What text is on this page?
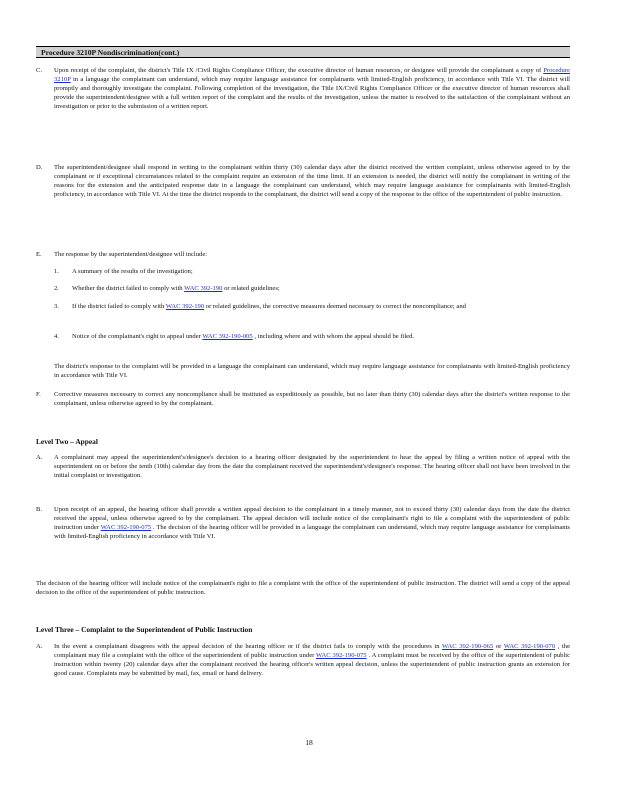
Procedure 3210P Nondiscrimination(cont.)
C. Upon receipt of the complaint, the district's Title IX /Civil Rights Compliance Officer, the executive director of human resources, or designee will provide the complainant a copy of Procedure 3210P in a language the complainant can understand, which may require language assistance for complainants with limited-English proficiency, in accordance with Title VI. The district will promptly and thoroughly investigate the complaint. Following completion of the investigation, the Title IX/Civil Rights Compliance Officer or the executive director of human resources shall provide the superintendent/designee with a full written report of the complaint and the results of the investigation, unless the matter is resolved to the satisfaction of the complainant without an investigation or prior to the submission of a written report.
D. The superintendent/designee shall respond in writing to the complainant within thirty (30) calendar days after the district received the written complaint, unless otherwise agreed to by the complainant or if exceptional circumstances related to the complaint require an extension of the time limit. If an extension is needed, the district will notify the complainant in writing of the reasons for the extension and the anticipated response date in a language the complainant can understand, which may require language assistance for complainants with limited-English proficiency, in accordance with Title VI. At the time the district responds to the complainant, the district will send a copy of the response to the office of the superintendent of public instruction.
E. The response by the superintendent/designee will include:
1. A summary of the results of the investigation;
2. Whether the district failed to comply with WAC 392-190 or related guidelines;
3. If the district failed to comply with WAC 392-190 or related guidelines, the corrective measures deemed necessary to correct the noncompliance; and
4. Notice of the complainant's right to appeal under WAC 392-190-005 , including where and with whom the appeal should be filed.
The district's response to the complaint will be provided in a language the complainant can understand, which may require language assistance for complainants with limited-English proficiency in accordance with Title VI.
F. Corrective measures necessary to correct any noncompliance shall be instituted as expeditiously as possible, but no later than thirty (30) calendar days after the district's written response to the complainant, unless otherwise agreed to by the complainant.
Level Two – Appeal
A. A complainant may appeal the superintendent's/designee's decision to a hearing officer designated by the superintendent to hear the appeal by filing a written notice of appeal with the superintendent on or before the tenth (10th) calendar day from the date the complainant received the superintendent's/designee's response. The hearing officer shall not have been involved in the initial complaint or investigation.
B. Upon receipt of an appeal, the hearing officer shall provide a written appeal decision to the complainant in a timely manner, not to exceed thirty (30) calendar days from the date the district received the appeal, unless otherwise agreed to by the complainant. The appeal decision will include notice of the complainant's right to file a complaint with the superintendent of public instruction under WAC 392-190-075 . The decision of the hearing officer will be provided in a language the complainant can understand, which may require language assistance for complainants with limited-English proficiency in accordance with Title VI.
The decision of the hearing officer will include notice of the complainant's right to file a complaint with the office of the superintendent of public instruction. The district will send a copy of the appeal decision to the office of the superintendent of public instruction.
Level Three – Complaint to the Superintendent of Public Instruction
A. In the event a complainant disagrees with the appeal decision of the hearing officer or if the district fails to comply with the procedures in WAC 392-190-065 or WAC 392-190-070 , the complainant may file a complaint with the office of the superintendent of public instruction under WAC 392-190-075 . A complaint must be received by the office of the superintendent of public instruction within twenty (20) calendar days after the complainant received the hearing officer's written appeal decision, unless the superintendent of public instruction grants an extension for good cause. Complaints may be submitted by mail, fax, email or hand delivery.
18
